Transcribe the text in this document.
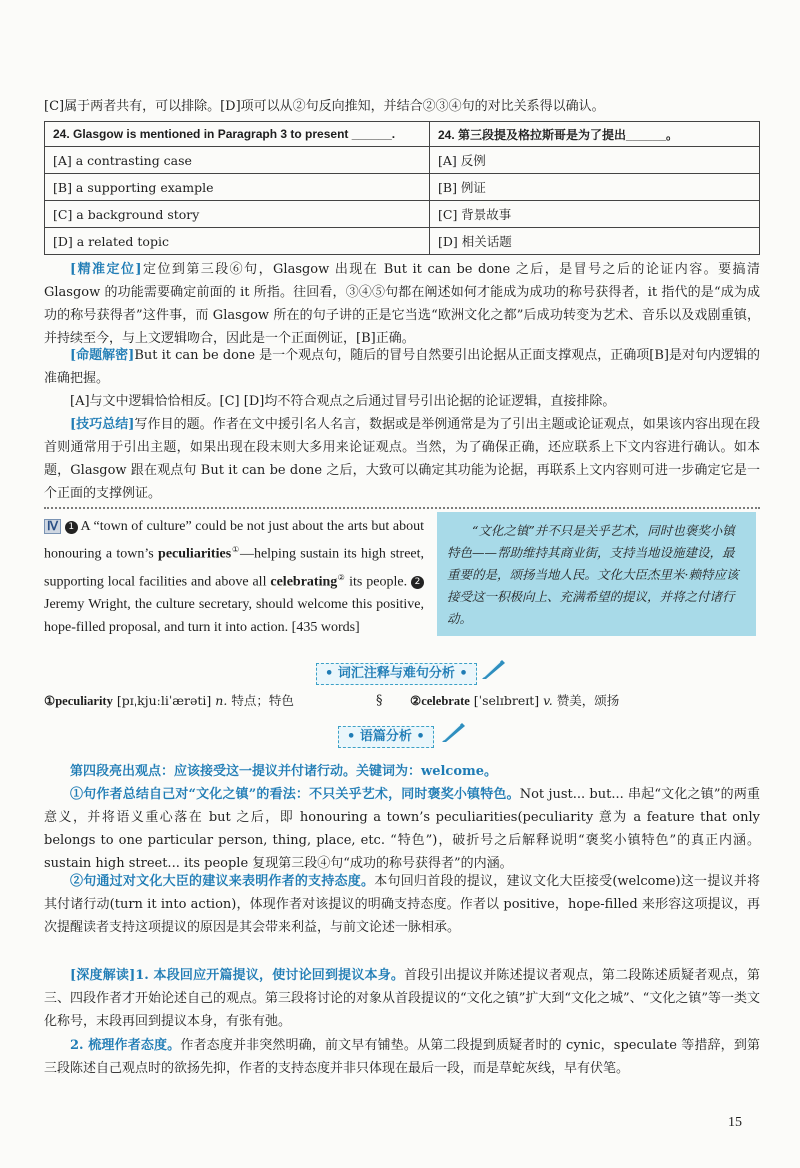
[C]属于两者共有，可以排除。[D]项可以从②句反向推知，并结合②③④句的对比关系得以确认。

24. Glasgow is mentioned in Paragraph 3 to present ______.	24. 第三段提及格拉斯哥是为了提出______。
[A] a contrasting case	[A] 反例
[B] a supporting example	[B] 例证
[C] a background story	[C] 背景故事
[D] a related topic	[D] 相关话题

[精准定位]定位到第三段⑥句，Glasgow 出现在 But it can be done 之后，是冒号之后的论证内容。要搞清 Glasgow 的功能需要确定前面的 it 所指。往回看，③④⑤句都在阐述如何才能成为成功的称号获得者，it 指代的是“成为成功的称号获得者”这件事，而 Glasgow 所在的句子讲的正是它当选“欧洲文化之都”后成功转变为艺术、音乐以及戏剧重镇，并持续至今，与上文逻辑吻合，因此是一个正面例证，[B]正确。

[命题解密]But it can be done 是一个观点句，随后的冒号自然要引出论据从正面支撑观点，正确项[B]是对句内逻辑的准确把握。

[A]与文中逻辑恰恰相反。[C] [D]均不符合观点之后通过冒号引出论据的论证逻辑，直接排除。

[技巧总结]写作目的题。作者在文中援引名人名言，数据或是举例通常是为了引出主题或论证观点，如果该内容出现在段首则通常用于引出主题，如果出现在段末则大多用来论证观点。当然，为了确保正确，还应联系上下文内容进行确认。如本题，Glasgow 跟在观点句 But it can be done 之后，大致可以确定其功能为论据，再联系上文内容则可进一步确定它是一个正面的支撑例证。

Ⅳ 1 A “town of culture” could be not just about the arts but about honouring a town’s peculiarities①—helping sustain its high street, supporting local facilities and above all celebrating② its people. 2Jeremy Wright, the culture secretary, should welcome this positive, hope-filled proposal, and turn it into action. [435 words]

“文化之镇”并不只是关乎艺术，同时也褒奖小镇特色——帮助维持其商业街，支持当地设施建设，最重要的是，颂扬当地人民。文化大臣杰里米·赖特应该接受这一积极向上、充满希望的提议，并将之付诸行动。
• 词汇注释与难句分析 •
①peculiarity [pɪˌkjuːliˈærəti] n. 特点；特色	§ ②celebrate [ˈselɪbreɪt] v. 赞美，颂扬
• 语篇分析 •

第四段亮出观点：应该接受这一提议并付诸行动。关键词为：welcome。

①句作者总结自己对“文化之镇”的看法：不只关乎艺术，同时褒奖小镇特色。Not just... but... 串起“文化之镇”的两重意义，并将语义重心落在 but 之后，即 honouring a town’s peculiarities(peculiarity 意为 a feature that only belongs to one particular person, thing, place, etc. “特色”)，破折号之后解释说明“褒奖小镇特色”的真正内涵。sustain high street... its people 复现第三段④句“成功的称号获得者”的内涵。

②句通过对文化大臣的建议来表明作者的支持态度。本句回归首段的提议，建议文化大臣接受(welcome)这一提议并将其付诸行动(turn it into action)，体现作者对该提议的明确支持态度。作者以 positive，hope-filled 来形容这项提议，再次提醒读者支持这项提议的原因是其会带来利益，与前文论述一脉相承。

[深度解读]1. 本段回应开篇提议，使讨论回到提议本身。首段引出提议并陈述提议者观点，第二段陈述质疑者观点，第三、四段作者才开始论述自己的观点。第三段将讨论的对象从首段提议的“文化之镇”扩大到“文化之城”、“文化之镇”等一类文化称号，末段再回到提议本身，有张有弛。

2. 梳理作者态度。作者态度并非突然明确，前文早有铺垫。从第二段提到质疑者时的 cynic，speculate 等措辞，到第三段陈述自己观点时的欲扬先抑，作者的支持态度并非只体现在最后一段，而是草蛇灰线，早有伏笔。

15
